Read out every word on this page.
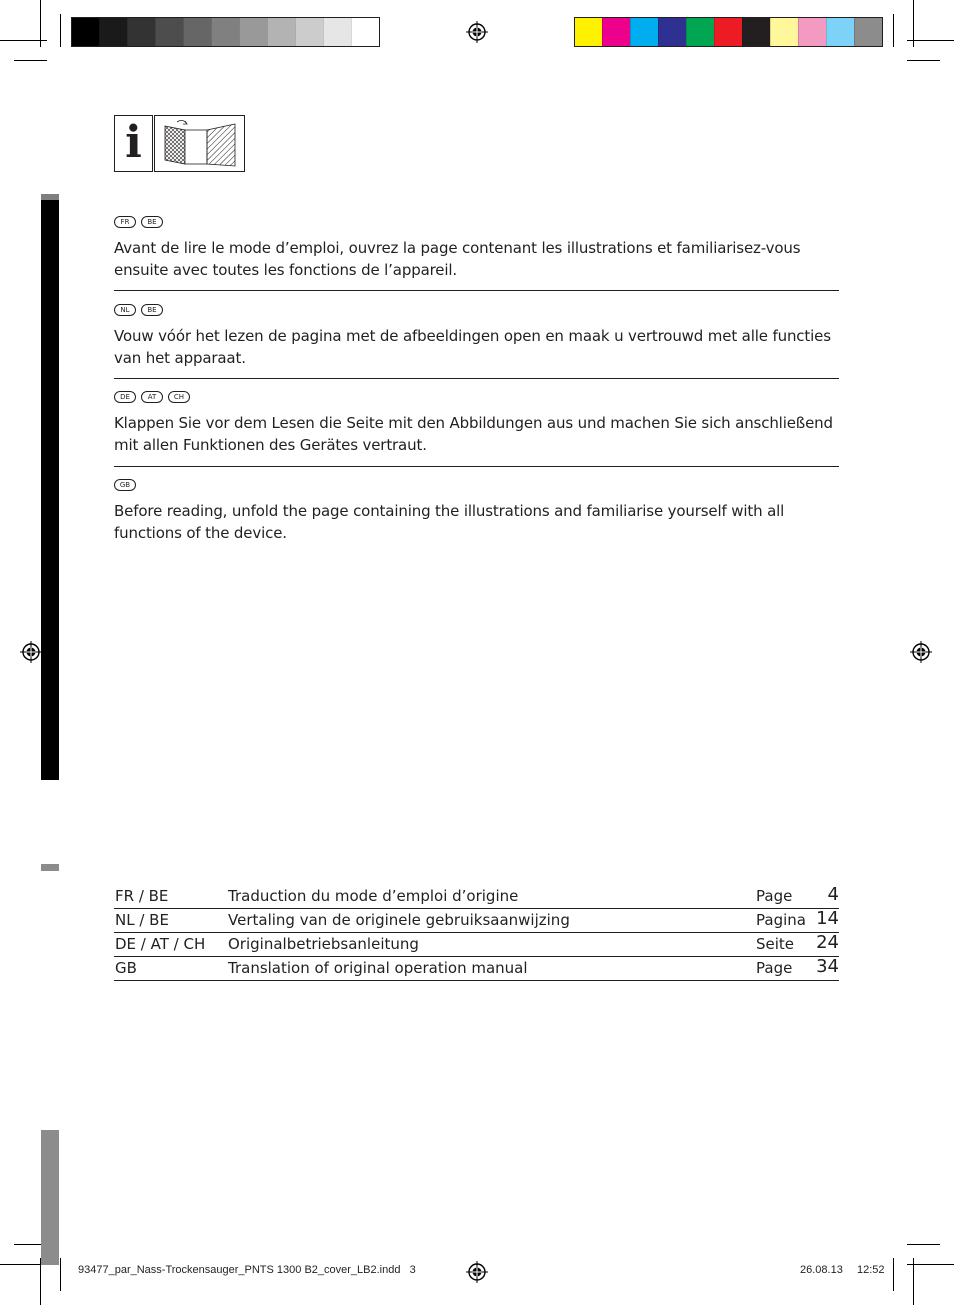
i
FR	BE
Avant de lire le mode d’emploi, ouvrez la page contenant les illustrations et familiarisez-vous ensuite avec toutes les fonctions de l’appareil.
NL	BE
Vouw vóór het lezen de pagina met de afbeeldingen open en maak u vertrouwd met alle functies van het apparaat.
DE	AT	CH
Klappen Sie vor dem Lesen die Seite mit den Abbildungen aus und machen Sie sich anschließend mit allen Funktionen des Gerätes vertraut.
GB
Before reading, unfold the page containing the illustrations and familiarise yourself with all functions of the device.
FR / BE	Traduction du mode d’emploi d’origine	Page 4
NL / BE	Vertaling van de originele gebruiksaanwijzing	Pagina 14
DE / AT / CH Originalbetriebsanleitung	Seite 24
GB	Translation of original operation manual	Page 34
93477_par_Nass-Trockensauger_PNTS 1300 B2_cover_LB2.indd   3	26.08.13 12:52
